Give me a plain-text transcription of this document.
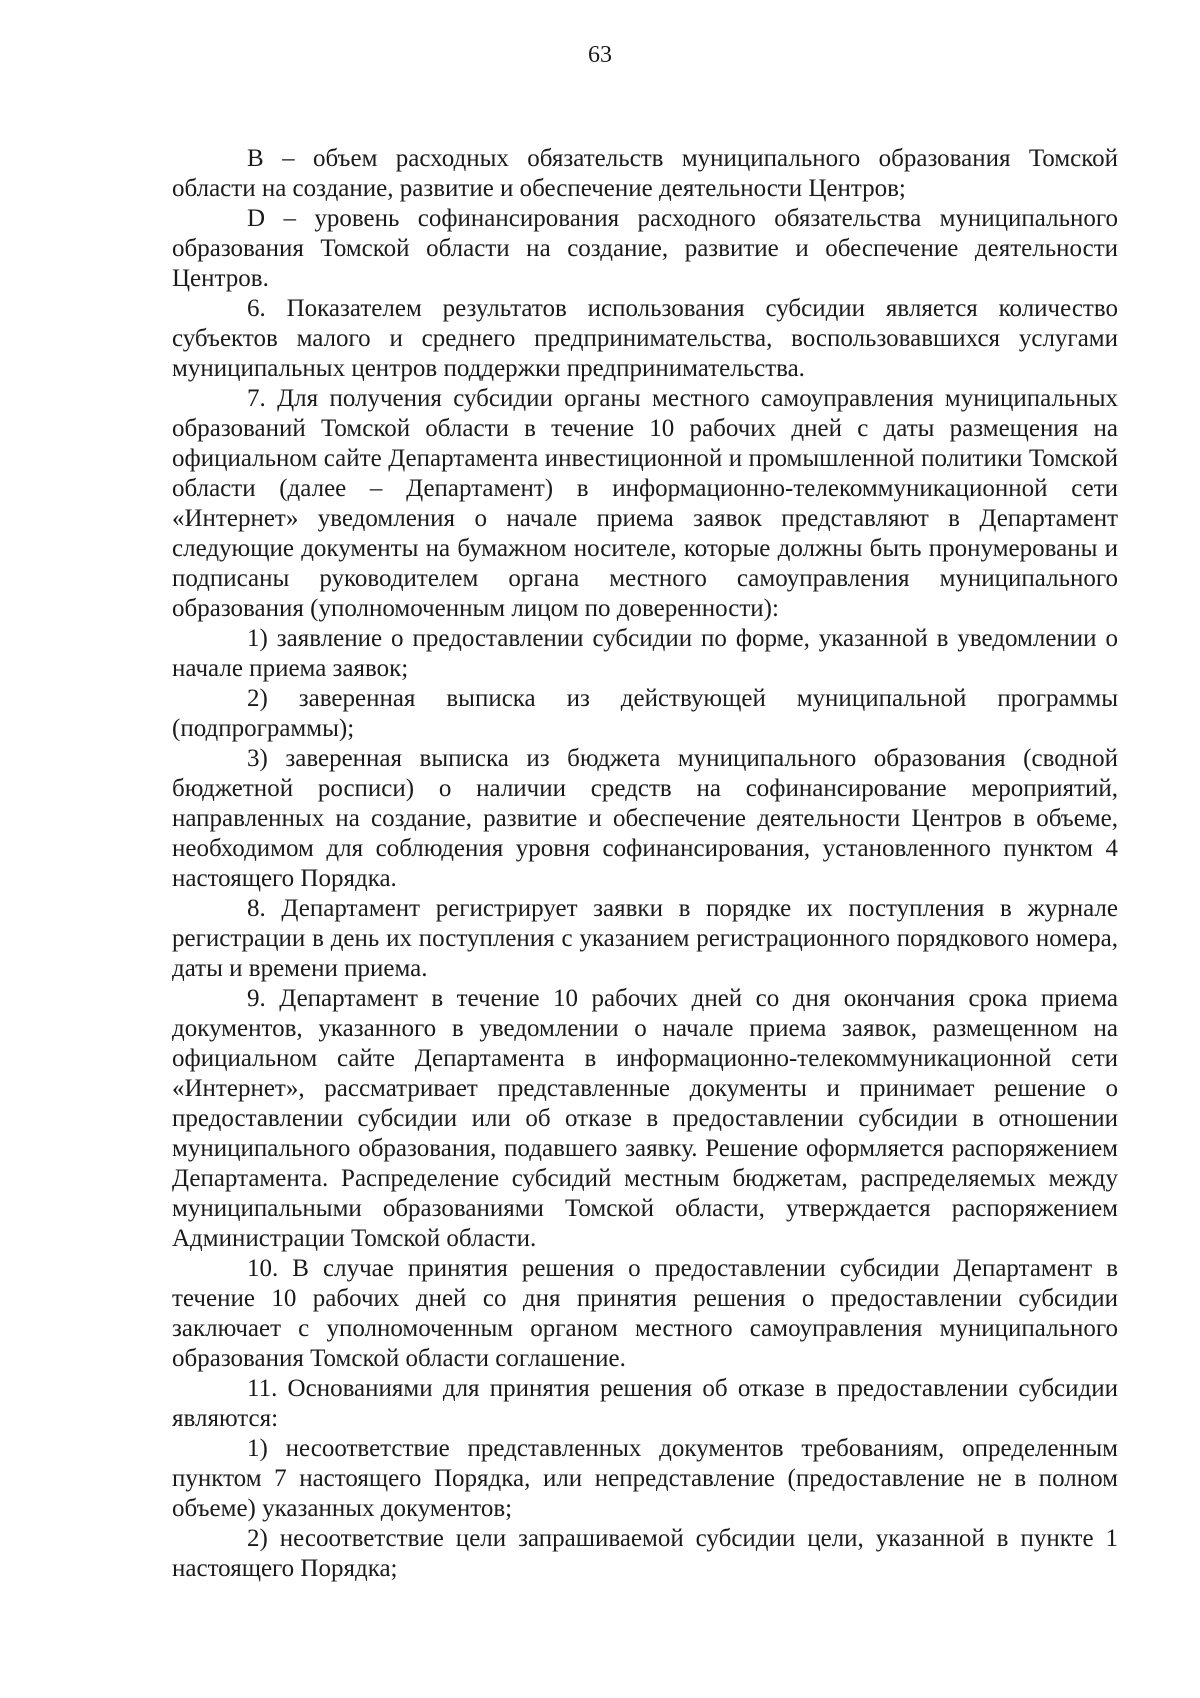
63

В – объем расходных обязательств муниципального образования Томской области на создание, развитие и обеспечение деятельности Центров;

D – уровень софинансирования расходного обязательства муниципального образования Томской области на создание, развитие и обеспечение деятельности Центров.

6. Показателем результатов использования субсидии является количество субъектов малого и среднего предпринимательства, воспользовавшихся услугами муниципальных центров поддержки предпринимательства.

7. Для получения субсидии органы местного самоуправления муниципальных образований Томской области в течение 10 рабочих дней с даты размещения на официальном сайте Департамента инвестиционной и промышленной политики Томской области (далее – Департамент) в информационно-телекоммуникационной сети «Интернет» уведомления о начале приема заявок представляют в Департамент следующие документы на бумажном носителе, которые должны быть пронумерованы и подписаны руководителем органа местного самоуправления муниципального образования (уполномоченным лицом по доверенности):

1) заявление о предоставлении субсидии по форме, указанной в уведомлении о начале приема заявок;

2) заверенная выписка из действующей муниципальной программы (подпрограммы);

3) заверенная выписка из бюджета муниципального образования (сводной бюджетной росписи) о наличии средств на софинансирование мероприятий, направленных на создание, развитие и обеспечение деятельности Центров в объеме, необходимом для соблюдения уровня софинансирования, установленного пунктом 4 настоящего Порядка.

8. Департамент регистрирует заявки в порядке их поступления в журнале регистрации в день их поступления с указанием регистрационного порядкового номера, даты и времени приема.

9. Департамент в течение 10 рабочих дней со дня окончания срока приема документов, указанного в уведомлении о начале приема заявок, размещенном на официальном сайте Департамента в информационно-телекоммуникационной сети «Интернет», рассматривает представленные документы и принимает решение о предоставлении субсидии или об отказе в предоставлении субсидии в отношении муниципального образования, подавшего заявку. Решение оформляется распоряжением Департамента. Распределение субсидий местным бюджетам, распределяемых между муниципальными образованиями Томской области, утверждается распоряжением Администрации Томской области.

10. В случае принятия решения о предоставлении субсидии Департамент в течение 10 рабочих дней со дня принятия решения о предоставлении субсидии заключает с уполномоченным органом местного самоуправления муниципального образования Томской области соглашение.

11. Основаниями для принятия решения об отказе в предоставлении субсидии являются:

1) несоответствие представленных документов требованиям, определенным пунктом 7 настоящего Порядка, или непредставление (предоставление не в полном объеме) указанных документов;

2) несоответствие цели запрашиваемой субсидии цели, указанной в пункте 1 настоящего Порядка;
